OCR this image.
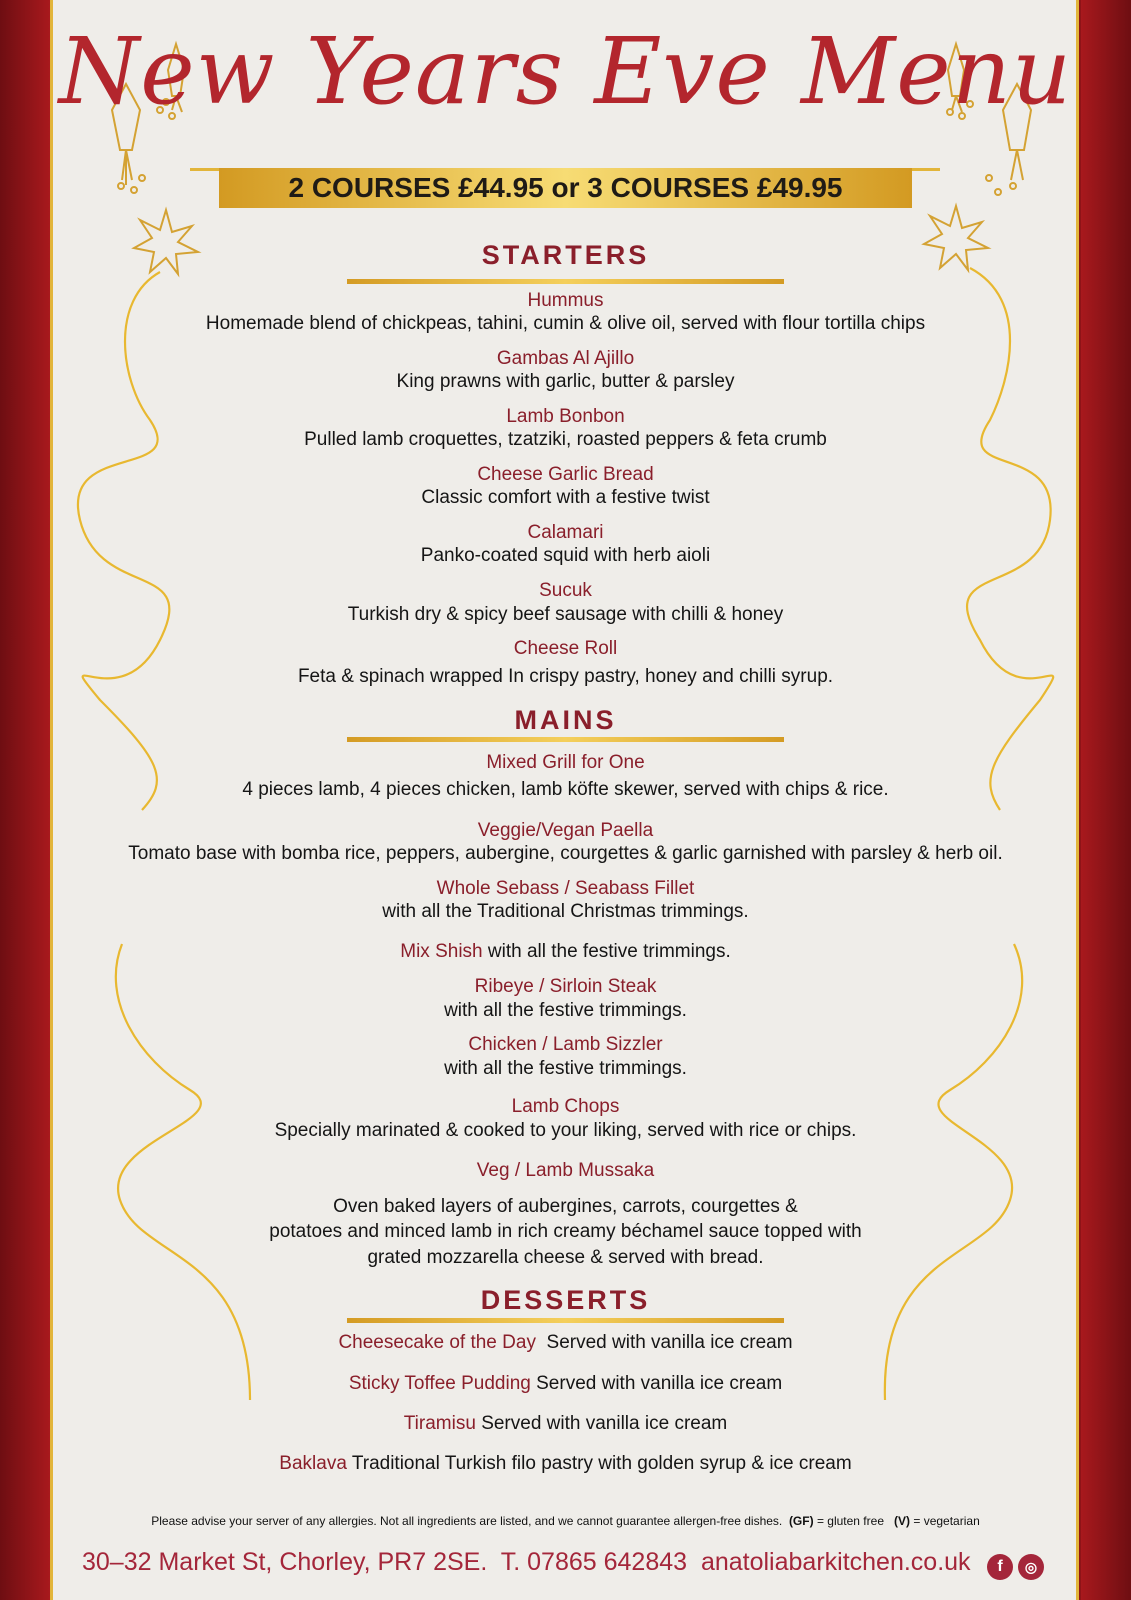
New Years Eve Menu
2 COURSES £44.95 or 3 COURSES £49.95
STARTERS
Hummus
Homemade blend of chickpeas, tahini, cumin & olive oil, served with flour tortilla chips
Gambas Al Ajillo
King prawns with garlic, butter & parsley
Lamb Bonbon
Pulled lamb croquettes, tzatziki, roasted peppers & feta crumb
Cheese Garlic Bread
Classic comfort with a festive twist
Calamari
Panko-coated squid with herb aioli
Sucuk
Turkish dry & spicy beef sausage with chilli & honey
Cheese Roll
Feta & spinach wrapped In crispy pastry, honey and chilli syrup.
MAINS
Mixed Grill for One
4 pieces lamb, 4 pieces chicken, lamb köfte skewer, served with chips & rice.
Veggie/Vegan Paella
Tomato base with bomba rice, peppers, aubergine, courgettes & garlic garnished with parsley & herb oil.
Whole Sebass / Seabass Fillet
with all the Traditional Christmas trimmings.
Mix Shish with all the festive trimmings.
Ribeye / Sirloin Steak
with all the festive trimmings.
Chicken / Lamb Sizzler
with all the festive trimmings.
Lamb Chops
Specially marinated & cooked to your liking, served with rice or chips.
Veg / Lamb Mussaka
Oven baked layers of aubergines, carrots, courgettes &
potatoes and minced lamb in rich creamy béchamel sauce topped with
grated mozzarella cheese & served with bread.
DESSERTS
Cheesecake of the Day Served with vanilla ice cream
Sticky Toffee Pudding Served with vanilla ice cream
Tiramisu Served with vanilla ice cream
Baklava Traditional Turkish filo pastry with golden syrup & ice cream
Please advise your server of any allergies. Not all ingredients are listed, and we cannot guarantee allergen-free dishes. (GF) = gluten free (V) = vegetarian
30–32 Market St, Chorley, PR7 2SE. T. 07865 642843 anatoliabarkitchen.co.uk	f	◎
